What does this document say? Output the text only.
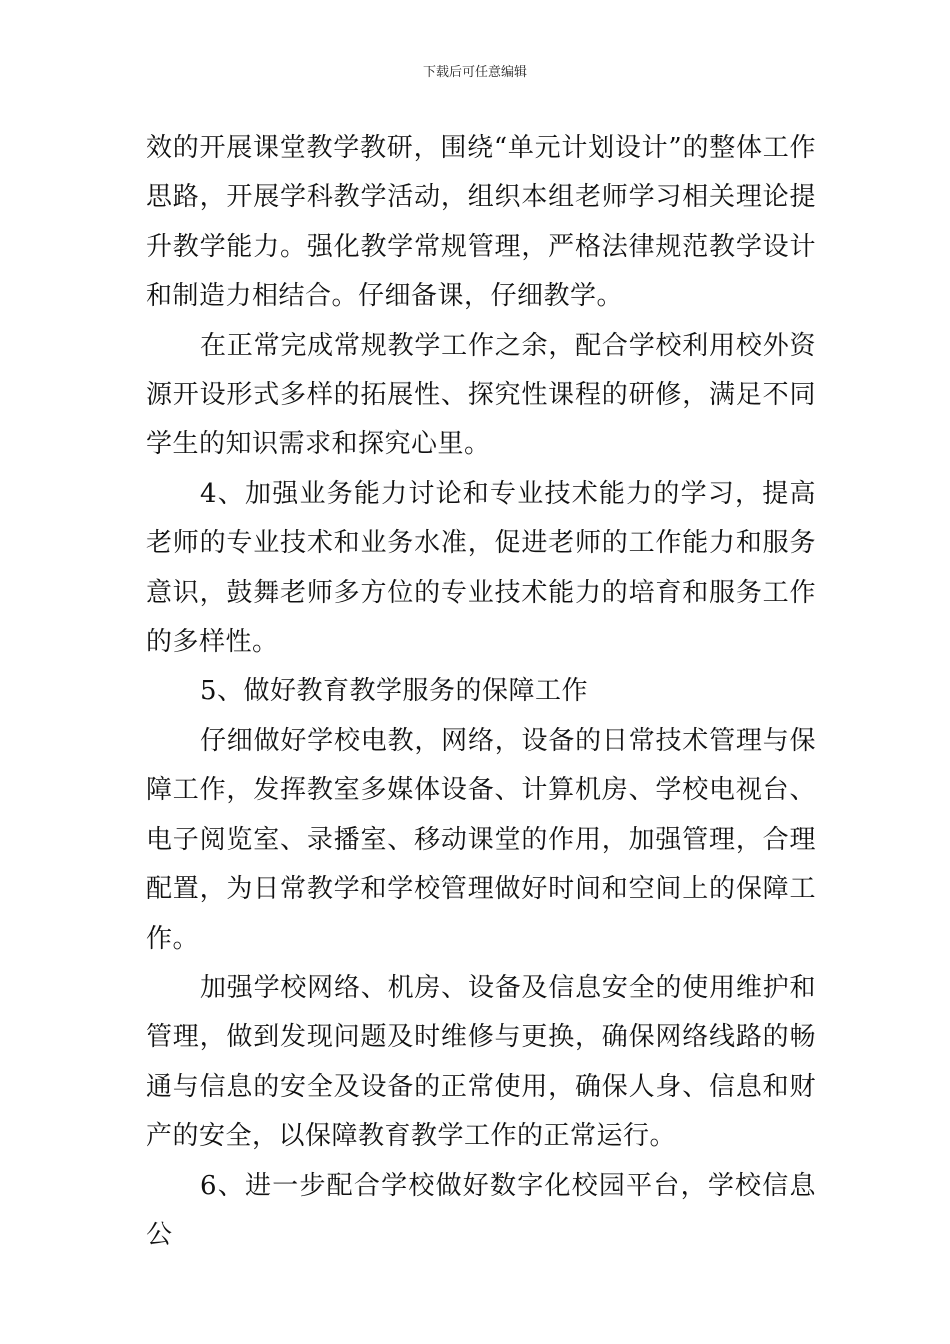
下载后可任意编辑

效的开展课堂教学教研，围绕“单元计划设计”的整体工作思路，开展学科教学活动，组织本组老师学习相关理论提升教学能力。强化教学常规管理，严格法律规范教学设计和制造力相结合。仔细备课，仔细教学。

在正常完成常规教学工作之余，配合学校利用校外资源开设形式多样的拓展性、探究性课程的研修，满足不同学生的知识需求和探究心里。

4、加强业务能力讨论和专业技术能力的学习，提高老师的专业技术和业务水准，促进老师的工作能力和服务意识，鼓舞老师多方位的专业技术能力的培育和服务工作的多样性。

5、做好教育教学服务的保障工作

仔细做好学校电教，网络，设备的日常技术管理与保障工作，发挥教室多媒体设备、计算机房、学校电视台、电子阅览室、录播室、移动课堂的作用，加强管理，合理配置，为日常教学和学校管理做好时间和空间上的保障工作。

加强学校网络、机房、设备及信息安全的使用维护和管理，做到发现问题及时维修与更换，确保网络线路的畅通与信息的安全及设备的正常使用，确保人身、信息和财产的安全，以保障教育教学工作的正常运行。

6、进一步配合学校做好数字化校园平台，学校信息公
